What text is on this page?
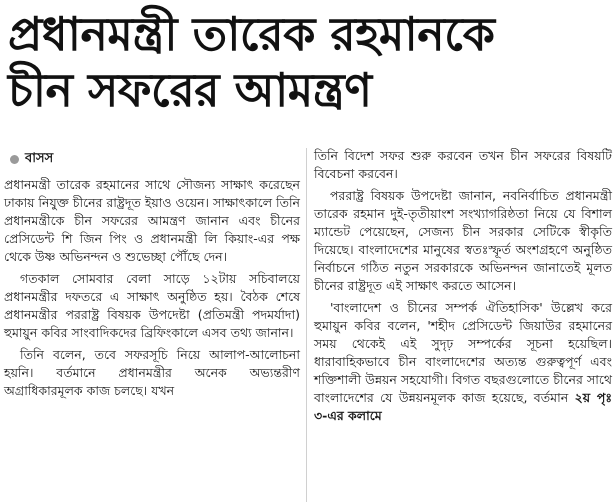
প্রধানমন্ত্রী তারেক রহমানকে
চীন সফরের আমন্ত্রণ
বাসস

প্রধানমন্ত্রী তারেক রহমানের সাথে সৌজন্য সাক্ষাৎ করেছেন ঢাকায় নিযুক্ত চীনের রাষ্ট্রদূত ইয়াও ওয়েন। সাক্ষাৎকালে তিনি প্রধানমন্ত্রীকে চীন সফরের আমন্ত্রণ জানান এবং চীনের প্রেসিডেন্ট শি জিন পিং ও প্রধানমন্ত্রী লি কিয়াং-এর পক্ষ থেকে উষ্ণ অভিনন্দন ও শুভেচ্ছা পৌঁছে দেন।

গতকাল সোমবার বেলা সাড়ে ১২টায় সচিবালয়ে প্রধানমন্ত্রীর দফতরে এ সাক্ষাৎ অনুষ্ঠিত হয়। বৈঠক শেষে প্রধানমন্ত্রীর পররাষ্ট্র বিষয়ক উপদেষ্টা (প্রতিমন্ত্রী পদমর্যাদা) হুমায়ুন কবির সাংবাদিকদের ব্রিফিংকালে এসব তথ্য জানান।

তিনি বলেন, তবে সফরসূচি নিয়ে আলাপ-আলোচনা হয়নি। বর্তমানে প্রধানমন্ত্রীর অনেক অভ্যন্তরীণ অগ্রাধিকারমূলক কাজ চলছে। যখন

তিনি বিদেশ সফর শুরু করবেন তখন চীন সফরের বিষয়টি বিবেচনা করবেন।

পররাষ্ট্র বিষয়ক উপদেষ্টা জানান, নবনির্বাচিত প্রধানমন্ত্রী তারেক রহমান দুই-তৃতীয়াংশ সংখ্যাগরিষ্ঠতা নিয়ে যে বিশাল ম্যান্ডেট পেয়েছেন, সেজন্য চীন সরকার সেটিকে স্বীকৃতি দিয়েছে। বাংলাদেশের মানুষের স্বতঃস্ফূর্ত অংশগ্রহণে অনুষ্ঠিত নির্বাচনে গঠিত নতুন সরকারকে অভিনন্দন জানাতেই মূলত চীনের রাষ্ট্রদূত এই সাক্ষাৎ করতে আসেন।

'বাংলাদেশ ও চীনের সম্পর্ক ঐতিহাসিক' উল্লেখ করে হুমায়ুন কবির বলেন, 'শহীদ প্রেসিডেন্ট জিয়াউর রহমানের সময় থেকেই এই সুদৃঢ় সম্পর্কের সূচনা হয়েছিল। ধারাবাহিকভাবে চীন বাংলাদেশের অত্যন্ত গুরুত্বপূর্ণ এবং শক্তিশালী উন্নয়ন সহযোগী। বিগত বছরগুলোতে চীনের সাথে বাংলাদেশের যে উন্নয়নমূলক কাজ হয়েছে, বর্তমান ২য় পৃঃ ৩-এর কলামে
